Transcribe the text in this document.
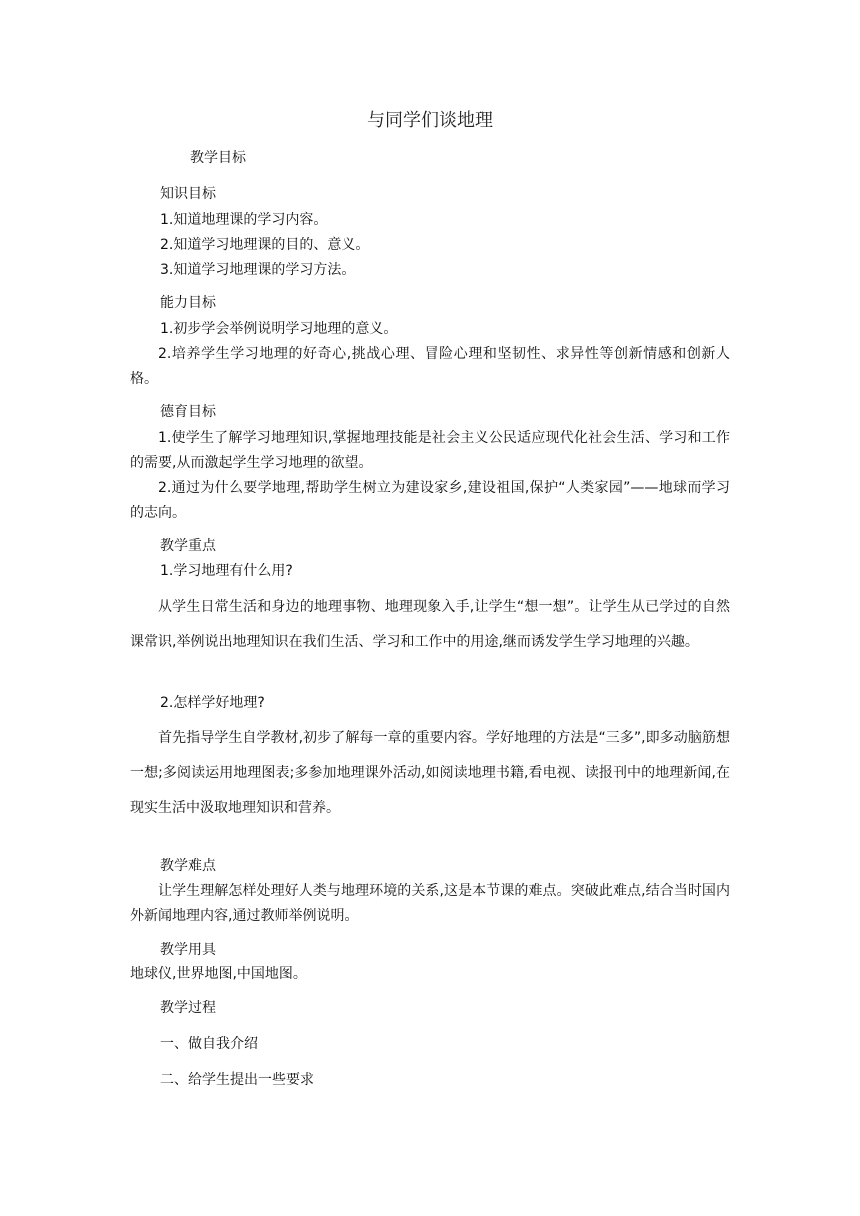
与同学们谈地理
教学目标
知识目标
1.知道地理课的学习内容。
2.知道学习地理课的目的、意义。
3.知道学习地理课的学习方法。
能力目标
1.初步学会举例说明学习地理的意义。
2.培养学生学习地理的好奇心,挑战心理、冒险心理和坚韧性、求异性等创新情感和创新人格。
德育目标
1.使学生了解学习地理知识,掌握地理技能是社会主义公民适应现代化社会生活、学习和工作的需要,从而激起学生学习地理的欲望。
2.通过为什么要学地理,帮助学生树立为建设家乡,建设祖国,保护“人类家园”——地球而学习的志向。
教学重点
1.学习地理有什么用?
从学生日常生活和身边的地理事物、地理现象入手,让学生“想一想”。让学生从已学过的自然课常识,举例说出地理知识在我们生活、学习和工作中的用途,继而诱发学生学习地理的兴趣。
2.怎样学好地理?
首先指导学生自学教材,初步了解每一章的重要内容。学好地理的方法是“三多”,即多动脑筋想一想;多阅读运用地理图表;多参加地理课外活动,如阅读地理书籍,看电视、读报刊中的地理新闻,在现实生活中汲取地理知识和营养。
教学难点
让学生理解怎样处理好人类与地理环境的关系,这是本节课的难点。突破此难点,结合当时国内外新闻地理内容,通过教师举例说明。
教学用具
地球仪,世界地图,中国地图。
教学过程
一、做自我介绍
二、给学生提出一些要求
